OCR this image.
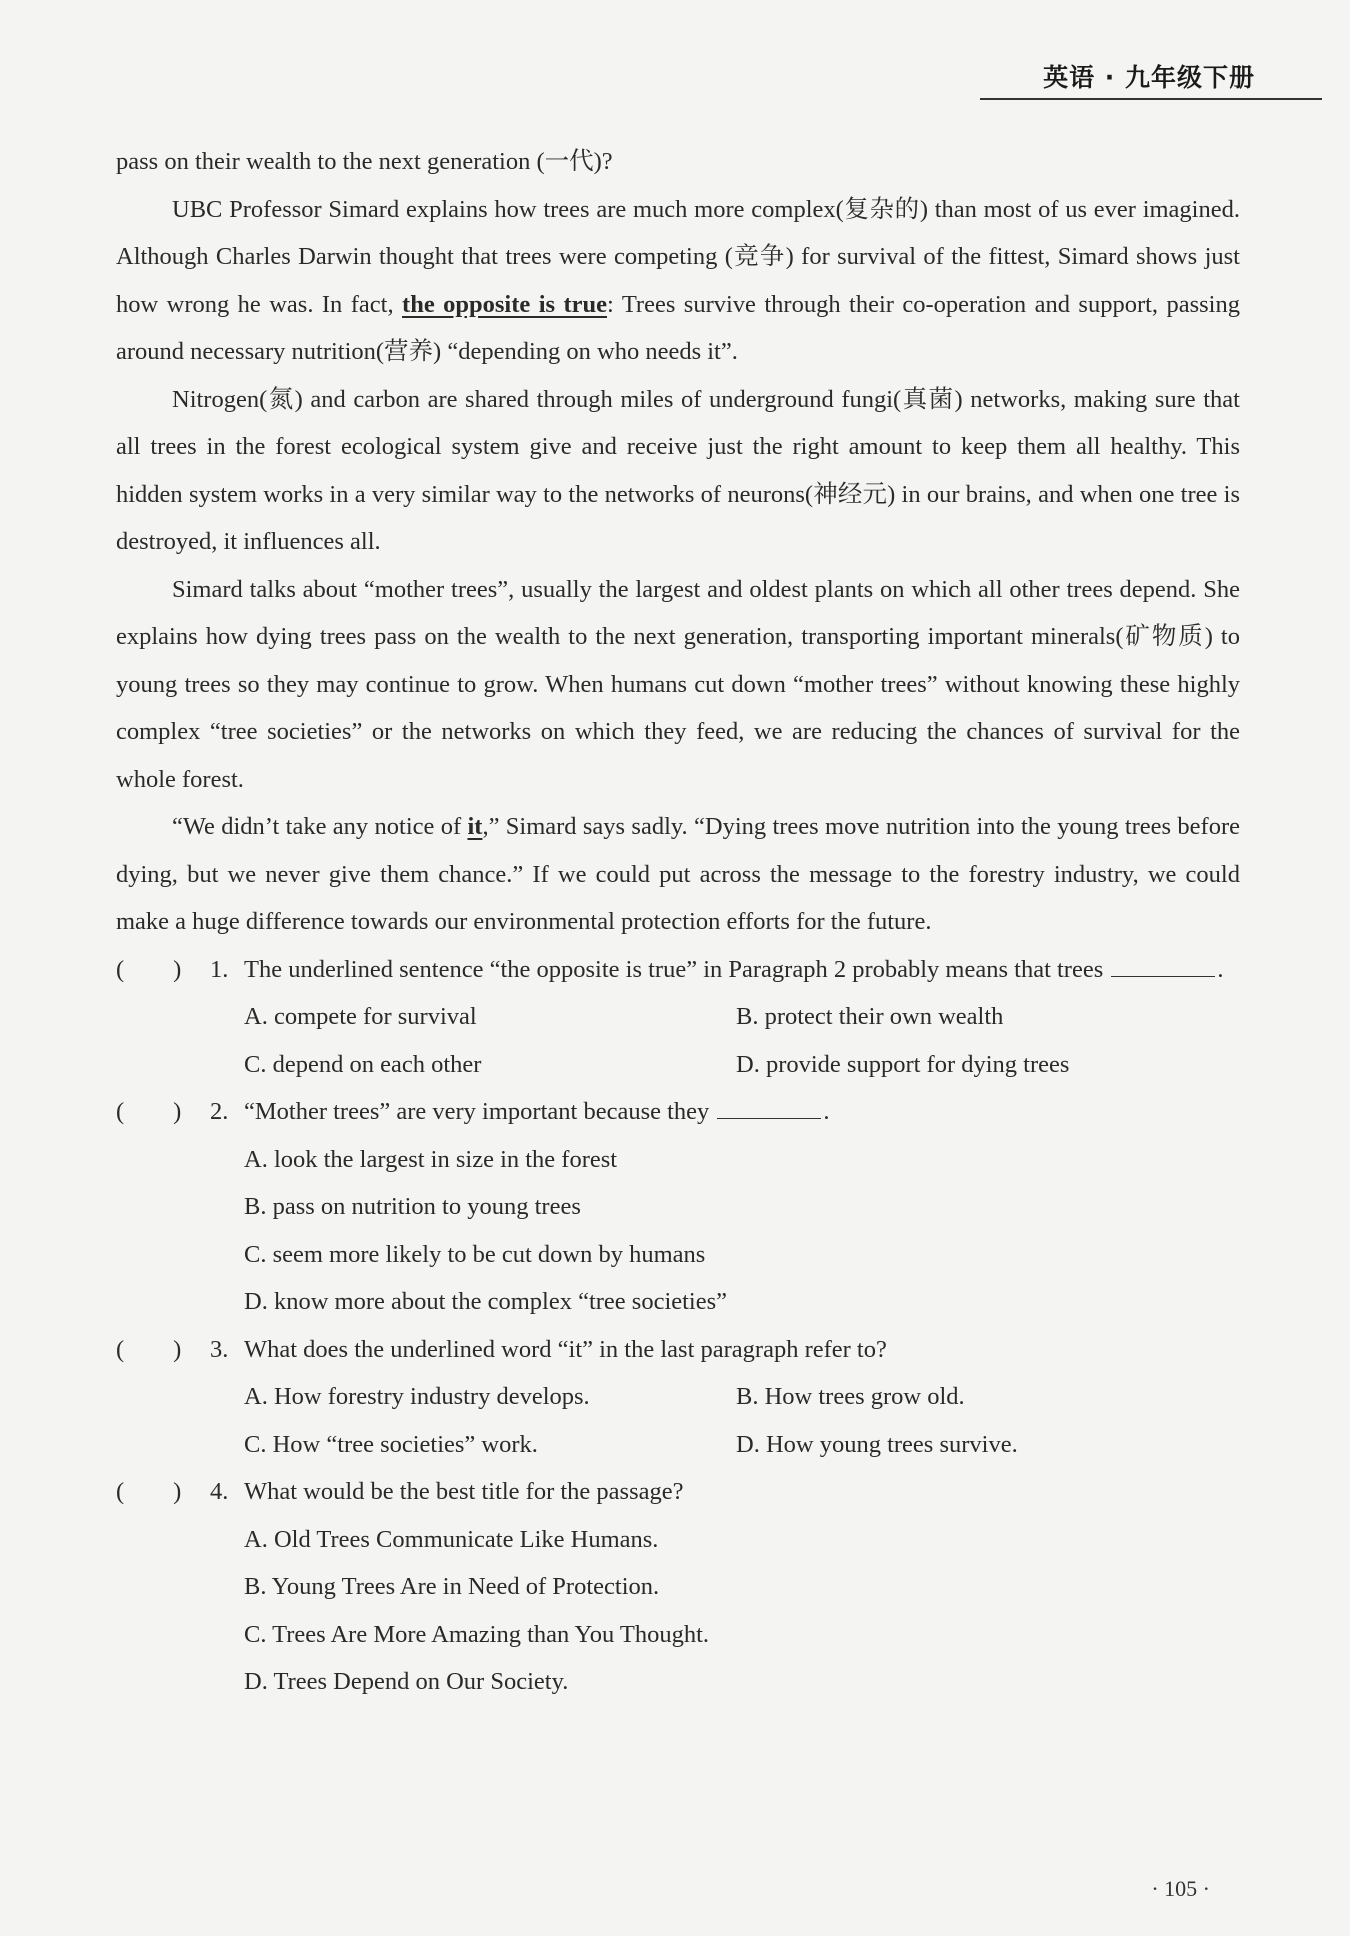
英语 · 九年级下册

pass on their wealth to the next generation (一代)?

UBC Professor Simard explains how trees are much more complex(复杂的) than most of us ever imagined. Although Charles Darwin thought that trees were competing (竞争) for survival of the fittest, Simard shows just how wrong he was. In fact, the opposite is true: Trees survive through their co-operation and support, passing around necessary nutrition(营养) “depending on who needs it”.

Nitrogen(氮) and carbon are shared through miles of underground fungi(真菌) networks, making sure that all trees in the forest ecological system give and receive just the right amount to keep them all healthy. This hidden system works in a very similar way to the networks of neurons(神经元) in our brains, and when one tree is destroyed, it influences all.

Simard talks about “mother trees”, usually the largest and oldest plants on which all other trees depend. She explains how dying trees pass on the wealth to the next generation, transporting important minerals(矿物质) to young trees so they may continue to grow. When humans cut down “mother trees” without knowing these highly complex “tree societies” or the networks on which they feed, we are reducing the chances of survival for the whole forest.

“We didn’t take any notice of it,” Simard says sadly. “Dying trees move nutrition into the young trees before dying, but we never give them chance.” If we could put across the message to the forestry industry, we could make a huge difference towards our environmental protection efforts for the future.

(        )	1. The underlined sentence “the opposite is true” in Paragraph 2 probably means that trees	.
A. compete for survival	B. protect their own wealth
C. depend on each other	D. provide support for dying trees
(        )	2. “Mother trees” are very important because they	.
A. look the largest in size in the forest
B. pass on nutrition to young trees
C. seem more likely to be cut down by humans
D. know more about the complex “tree societies”
(        )	3. What does the underlined word “it” in the last paragraph refer to?
A. How forestry industry develops.	B. How trees grow old.
C. How “tree societies” work.	D. How young trees survive.
(        )	4. What would be the best title for the passage?
A. Old Trees Communicate Like Humans.
B. Young Trees Are in Need of Protection.
C. Trees Are More Amazing than You Thought.
D. Trees Depend on Our Society.
· 105 ·
